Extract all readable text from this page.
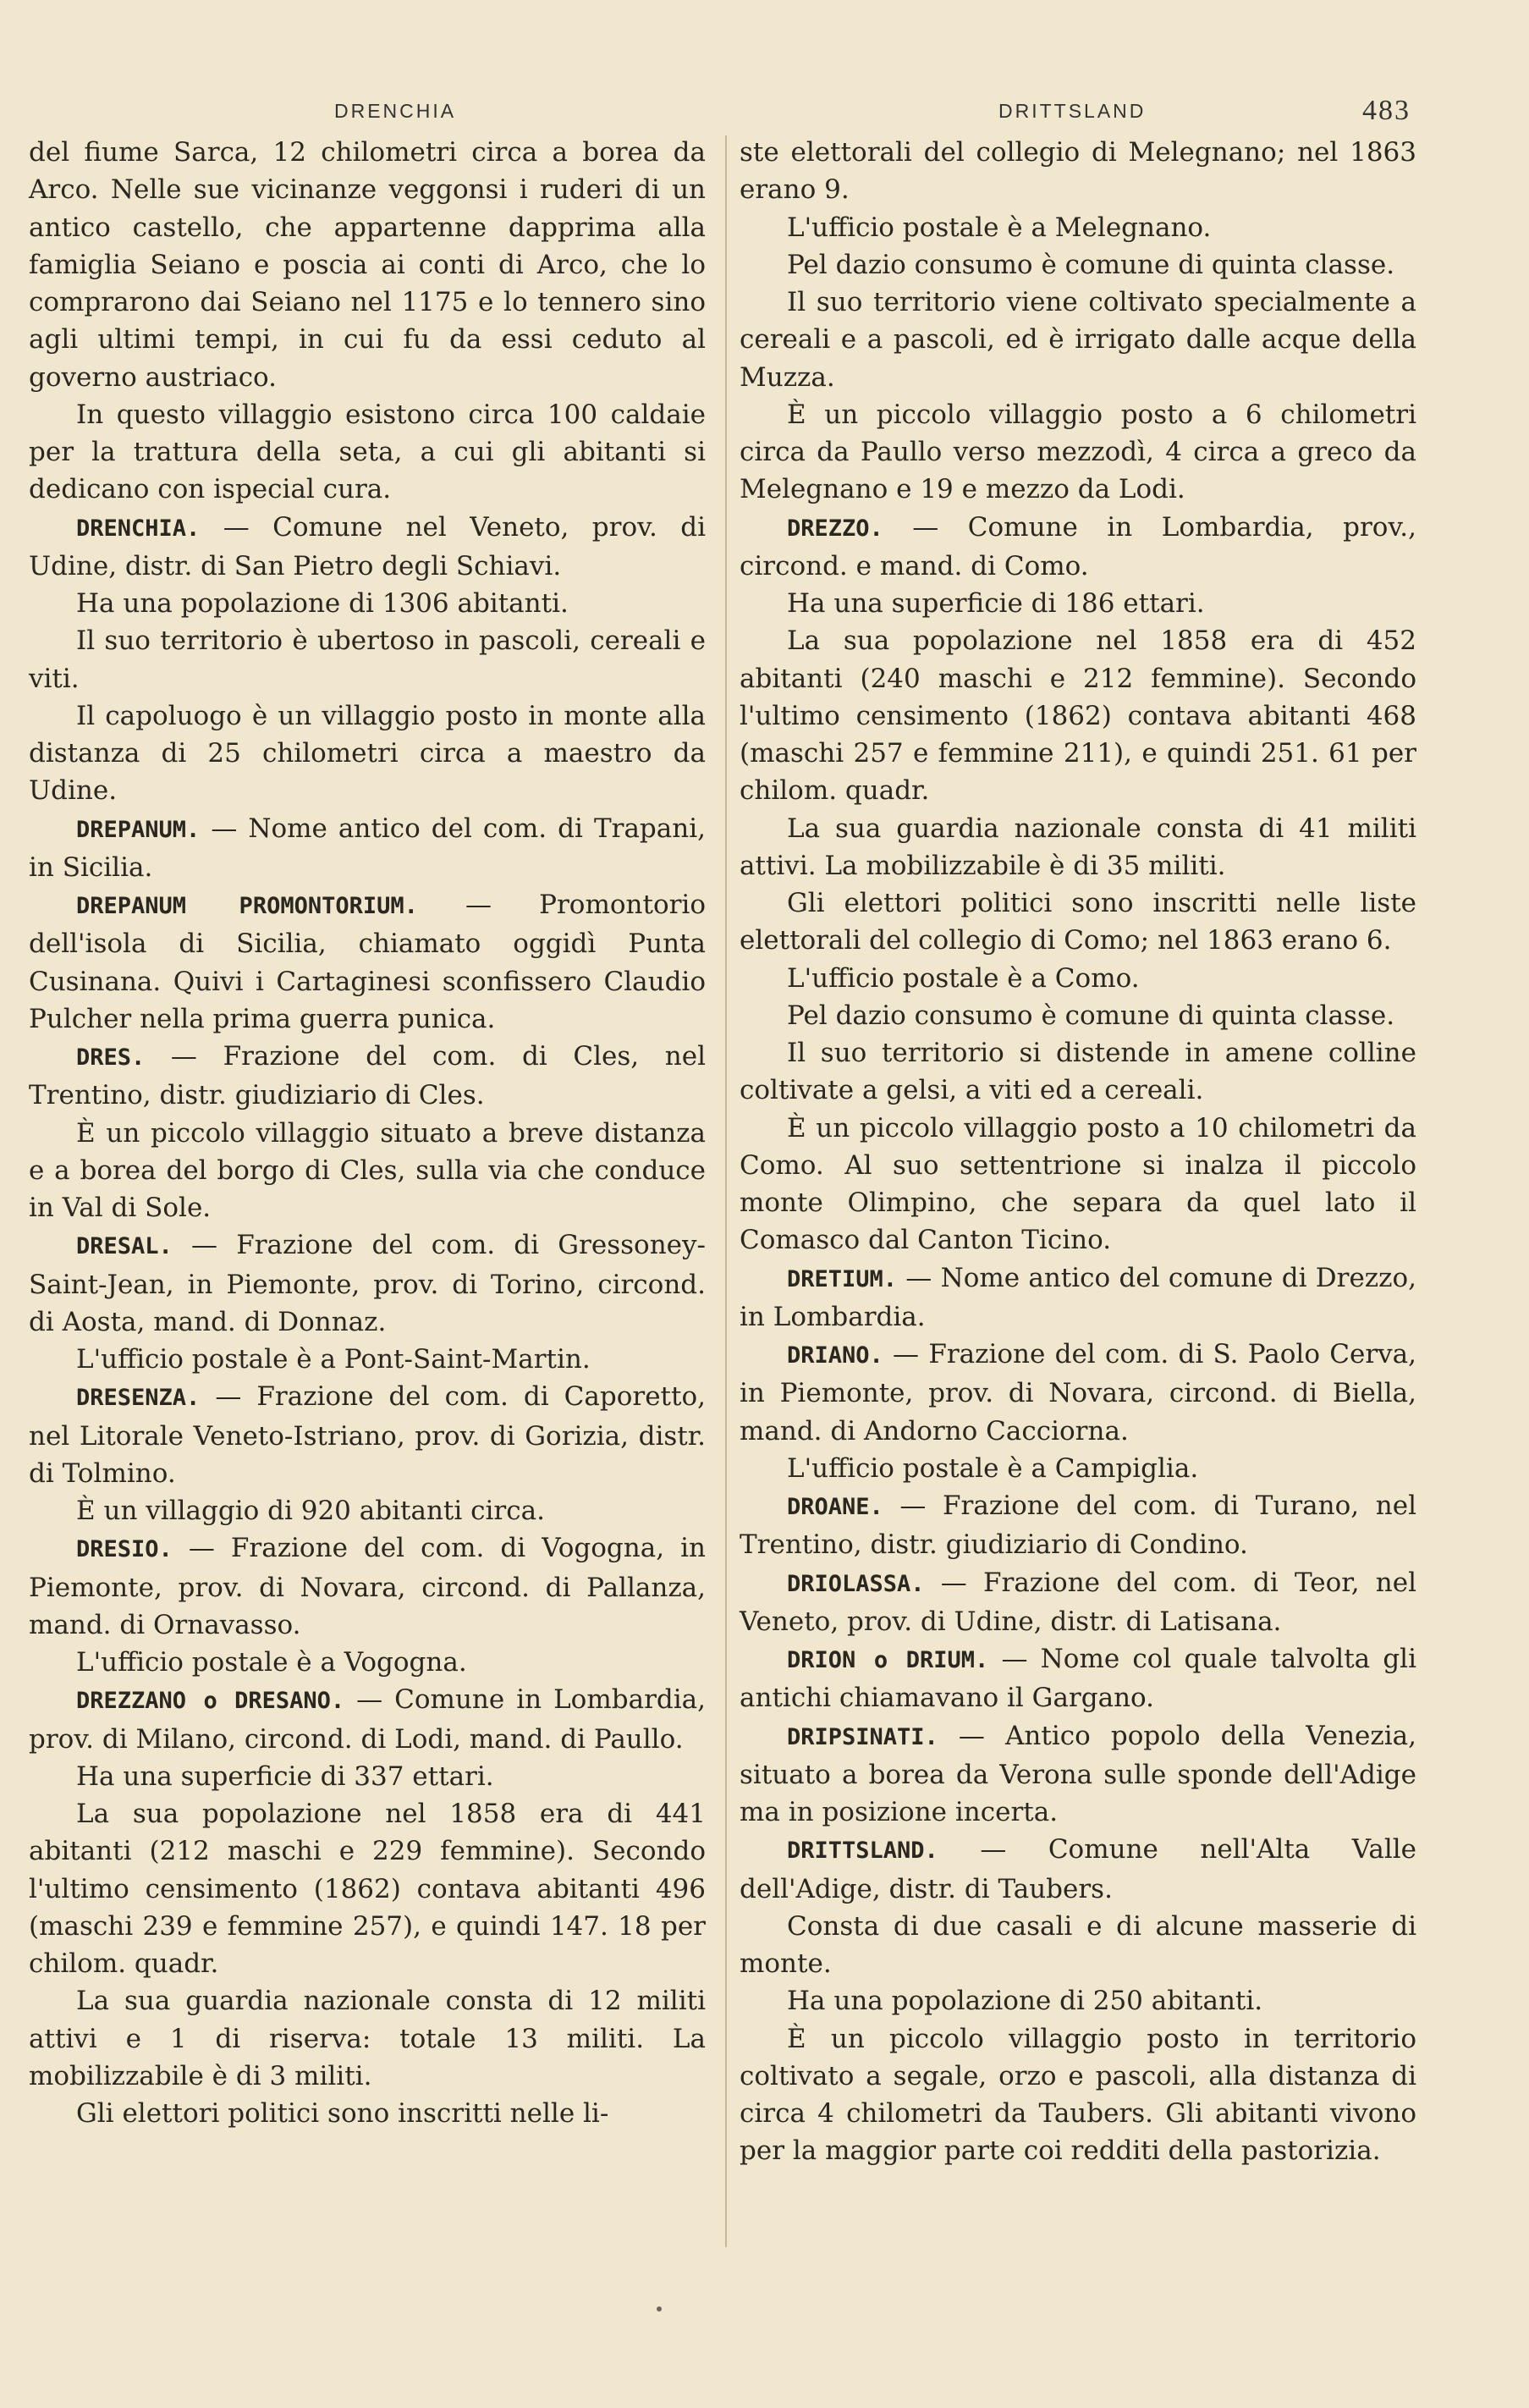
DRENCHIA	DRITTSLAND	483

del fiume Sarca, 12 chilometri circa a borea da Arco. Nelle sue vicinanze veggonsi i ruderi di un antico castello, che appartenne dapprima alla famiglia Seiano e poscia ai conti di Arco, che lo comprarono dai Seiano nel 1175 e lo tennero sino agli ultimi tempi, in cui fu da essi ceduto al governo austriaco.

In questo villaggio esistono circa 100 caldaie per la trattura della seta, a cui gli abitanti si dedicano con ispecial cura.

DRENCHIA. — Comune nel Veneto, prov. di Udine, distr. di San Pietro degli Schiavi.

Ha una popolazione di 1306 abitanti.

Il suo territorio è ubertoso in pascoli, cereali e viti.

Il capoluogo è un villaggio posto in monte alla distanza di 25 chilometri circa a maestro da Udine.

DREPANUM. — Nome antico del com. di Trapani, in Sicilia.

DREPANUM PROMONTORIUM. — Promontorio dell'isola di Sicilia, chiamato oggidì Punta Cusinana. Quivi i Cartaginesi sconfissero Claudio Pulcher nella prima guerra punica.

DRES. — Frazione del com. di Cles, nel Trentino, distr. giudiziario di Cles.

È un piccolo villaggio situato a breve distanza e a borea del borgo di Cles, sulla via che conduce in Val di Sole.

DRESAL. — Frazione del com. di Gressoney-Saint-Jean, in Piemonte, prov. di Torino, circond. di Aosta, mand. di Donnaz.

L'ufficio postale è a Pont-Saint-Martin.

DRESENZA. — Frazione del com. di Caporetto, nel Litorale Veneto-Istriano, prov. di Gorizia, distr. di Tolmino.

È un villaggio di 920 abitanti circa.

DRESIO. — Frazione del com. di Vogogna, in Piemonte, prov. di Novara, circond. di Pallanza, mand. di Ornavasso.

L'ufficio postale è a Vogogna.

DREZZANO o DRESANO. — Comune in Lombardia, prov. di Milano, circond. di Lodi, mand. di Paullo.

Ha una superficie di 337 ettari.

La sua popolazione nel 1858 era di 441 abitanti (212 maschi e 229 femmine). Secondo l'ultimo censimento (1862) contava abitanti 496 (maschi 239 e femmine 257), e quindi 147. 18 per chilom. quadr.

La sua guardia nazionale consta di 12 militi attivi e 1 di riserva: totale 13 militi. La mobilizzabile è di 3 militi.

Gli elettori politici sono inscritti nelle li-

ste elettorali del collegio di Melegnano; nel 1863 erano 9.

L'ufficio postale è a Melegnano.

Pel dazio consumo è comune di quinta classe.

Il suo territorio viene coltivato specialmente a cereali e a pascoli, ed è irrigato dalle acque della Muzza.

È un piccolo villaggio posto a 6 chilometri circa da Paullo verso mezzodì, 4 circa a greco da Melegnano e 19 e mezzo da Lodi.

DREZZO. — Comune in Lombardia, prov., circond. e mand. di Como.

Ha una superficie di 186 ettari.

La sua popolazione nel 1858 era di 452 abitanti (240 maschi e 212 femmine). Secondo l'ultimo censimento (1862) contava abitanti 468 (maschi 257 e femmine 211), e quindi 251. 61 per chilom. quadr.

La sua guardia nazionale consta di 41 militi attivi. La mobilizzabile è di 35 militi.

Gli elettori politici sono inscritti nelle liste elettorali del collegio di Como; nel 1863 erano 6.

L'ufficio postale è a Como.

Pel dazio consumo è comune di quinta classe.

Il suo territorio si distende in amene colline coltivate a gelsi, a viti ed a cereali.

È un piccolo villaggio posto a 10 chilometri da Como. Al suo settentrione si inalza il piccolo monte Olimpino, che separa da quel lato il Comasco dal Canton Ticino.

DRETIUM. — Nome antico del comune di Drezzo, in Lombardia.

DRIANO. — Frazione del com. di S. Paolo Cerva, in Piemonte, prov. di Novara, circond. di Biella, mand. di Andorno Cacciorna.

L'ufficio postale è a Campiglia.

DROANE. — Frazione del com. di Turano, nel Trentino, distr. giudiziario di Condino.

DRIOLASSA. — Frazione del com. di Teor, nel Veneto, prov. di Udine, distr. di Latisana.

DRION o DRIUM. — Nome col quale talvolta gli antichi chiamavano il Gargano.

DRIPSINATI. — Antico popolo della Venezia, situato a borea da Verona sulle sponde dell'Adige ma in posizione incerta.

DRITTSLAND. — Comune nell'Alta Valle dell'Adige, distr. di Taubers.

Consta di due casali e di alcune masserie di monte.

Ha una popolazione di 250 abitanti.

È un piccolo villaggio posto in territorio coltivato a segale, orzo e pascoli, alla distanza di circa 4 chilometri da Taubers. Gli abitanti vivono per la maggior parte coi redditi della pastorizia.
